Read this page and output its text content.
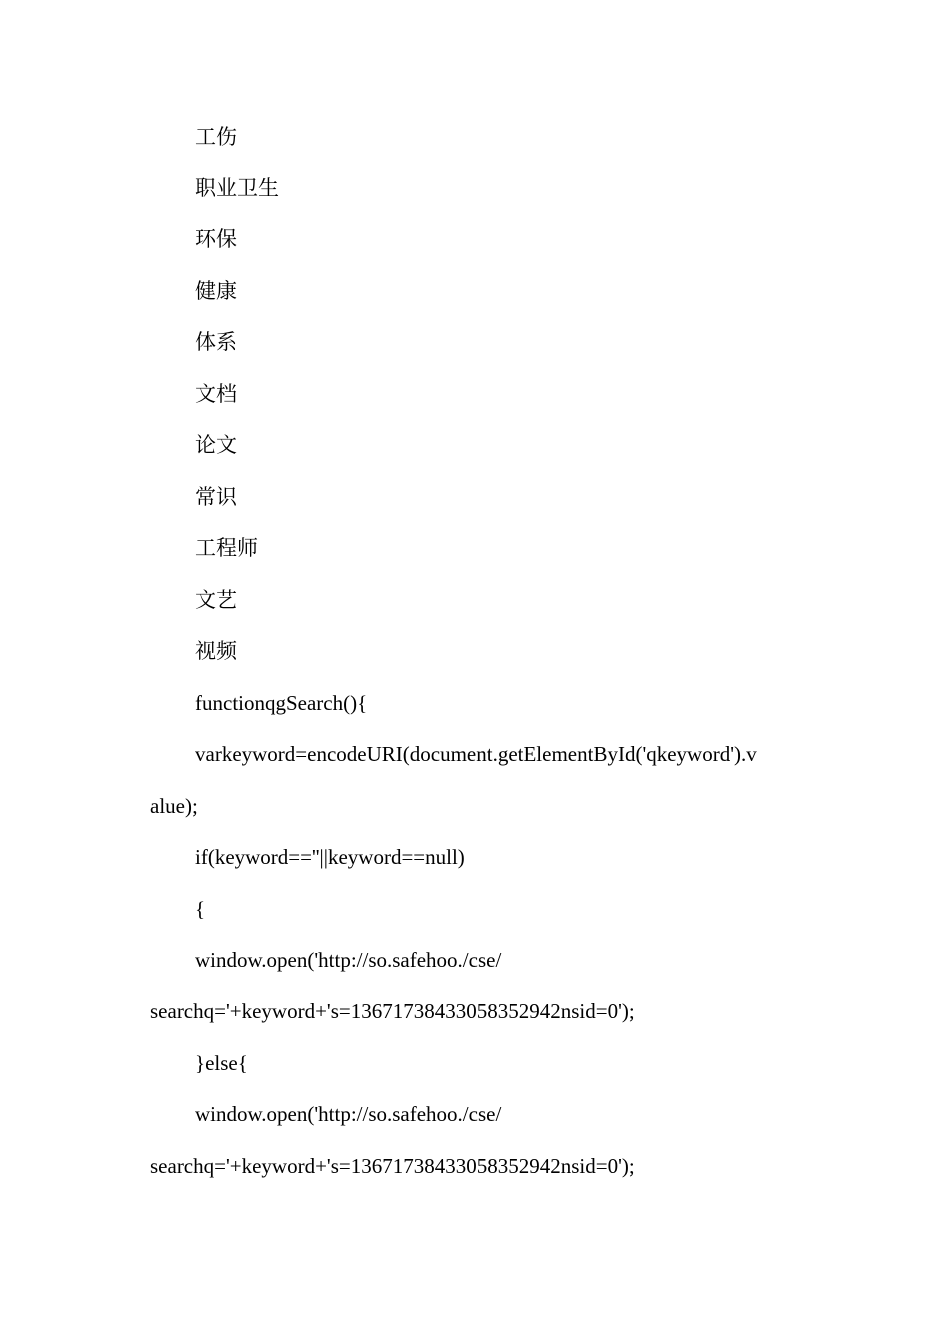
工伤
职业卫生
环保
健康
体系
文档
论文
常识
工程师
文艺
视频
functionqgSearch(){
varkeyword=encodeURI(document.getElementById('qkeyword').v
alue);
if(keyword==''||keyword==null)
{
window.open('http://so.safehoo./cse/
searchq='+keyword+'s=13671738433058352942nsid=0');
}else{
window.open('http://so.safehoo./cse/
searchq='+keyword+'s=13671738433058352942nsid=0');
